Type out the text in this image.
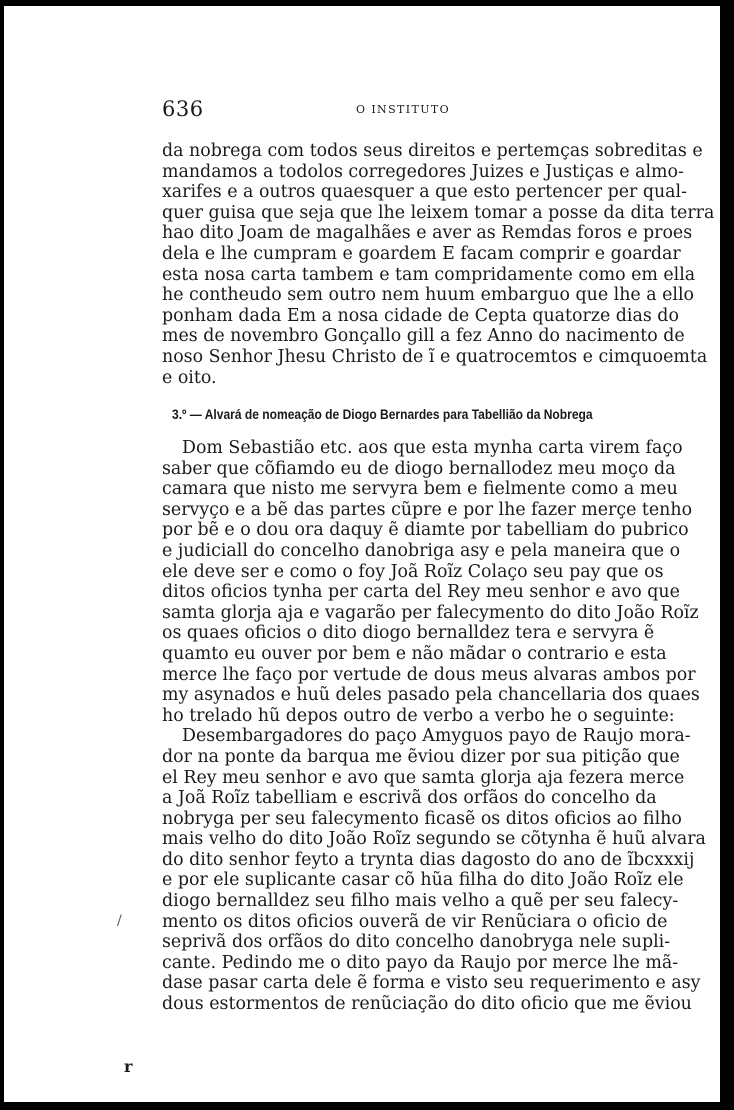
636	O INSTITUTO
da nobrega com todos seus direitos e pertemças sobreditas e
mandamos a todolos corregedores Juizes e Justiças e almo-
xarifes e a outros quaesquer a que esto pertencer per qual-
quer guisa que seja que lhe leixem tomar a posse da dita terra
hao dito Joam de magalhães e aver as Remdas foros e proes
dela e lhe cumpram e goardem E facam comprir e goardar
esta nosa carta tambem e tam compridamente como em ella
he contheudo sem outro nem huum embarguo que lhe a ello
ponham dada Em a nosa cidade de Cepta quatorze dias do
mes de novembro Gonçallo gill a fez Anno do nacimento de
noso Senhor Jhesu Christo de ĩ e quatrocemtos e cimquoemta
e oito.
3.º — Alvará de nomeação de Diogo Bernardes para Tabellião da Nobrega
Dom Sebastião etc. aos que esta mynha carta virem faço
saber que cõfiamdo eu de diogo bernallodez meu moço da
camara que nisto me servyra bem e fielmente como a meu
servyço e a bẽ das partes cũpre e por lhe fazer merçe tenho
por bẽ e o dou ora daquy ẽ diamte por tabelliam do pubrico
e judiciall do concelho danobriga asy e pela maneira que o
ele deve ser e como o foy Joã Roĩz Colaço seu pay que os
ditos oficios tynha per carta del Rey meu senhor e avo que
samta glorja aja e vagarão per falecymento do dito João Roĩz
os quaes oficios o dito diogo bernalldez tera e servyra ẽ
quamto eu ouver por bem e não mãdar o contrario e esta
merce lhe faço por vertude de dous meus alvaras ambos por
my asynados e huũ deles pasado pela chancellaria dos quaes
ho trelado hũ depos outro de verbo a verbo he o seguinte:
Desembargadores do paço Amyguos payo de Raujo mora-
dor na ponte da barqua me ẽviou dizer por sua pitição que
el Rey meu senhor e avo que samta glorja aja fezera merce
a Joã Roĩz tabelliam e escrivã dos orfãos do concelho da
nobryga per seu falecymento ficasẽ os ditos oficios ao filho
mais velho do dito João Roĩz segundo se cõtynha ẽ huũ alvara
do dito senhor feyto a trynta dias dagosto do ano de ĩbcxxxij
e por ele suplicante casar cõ hũa filha do dito João Roĩz ele
diogo bernalldez seu filho mais velho a quẽ per seu falecy-
mento os ditos oficios ouverã de vir Renũciara o oficio de
seprivã dos orfãos do dito concelho danobryga nele supli-
cante. Pedindo me o dito payo da Raujo por merce lhe mã-
dase pasar carta dele ẽ forma e visto seu requerimento e asy
dous estormentos de renũciação do dito oficio que me ẽviou
/
r
